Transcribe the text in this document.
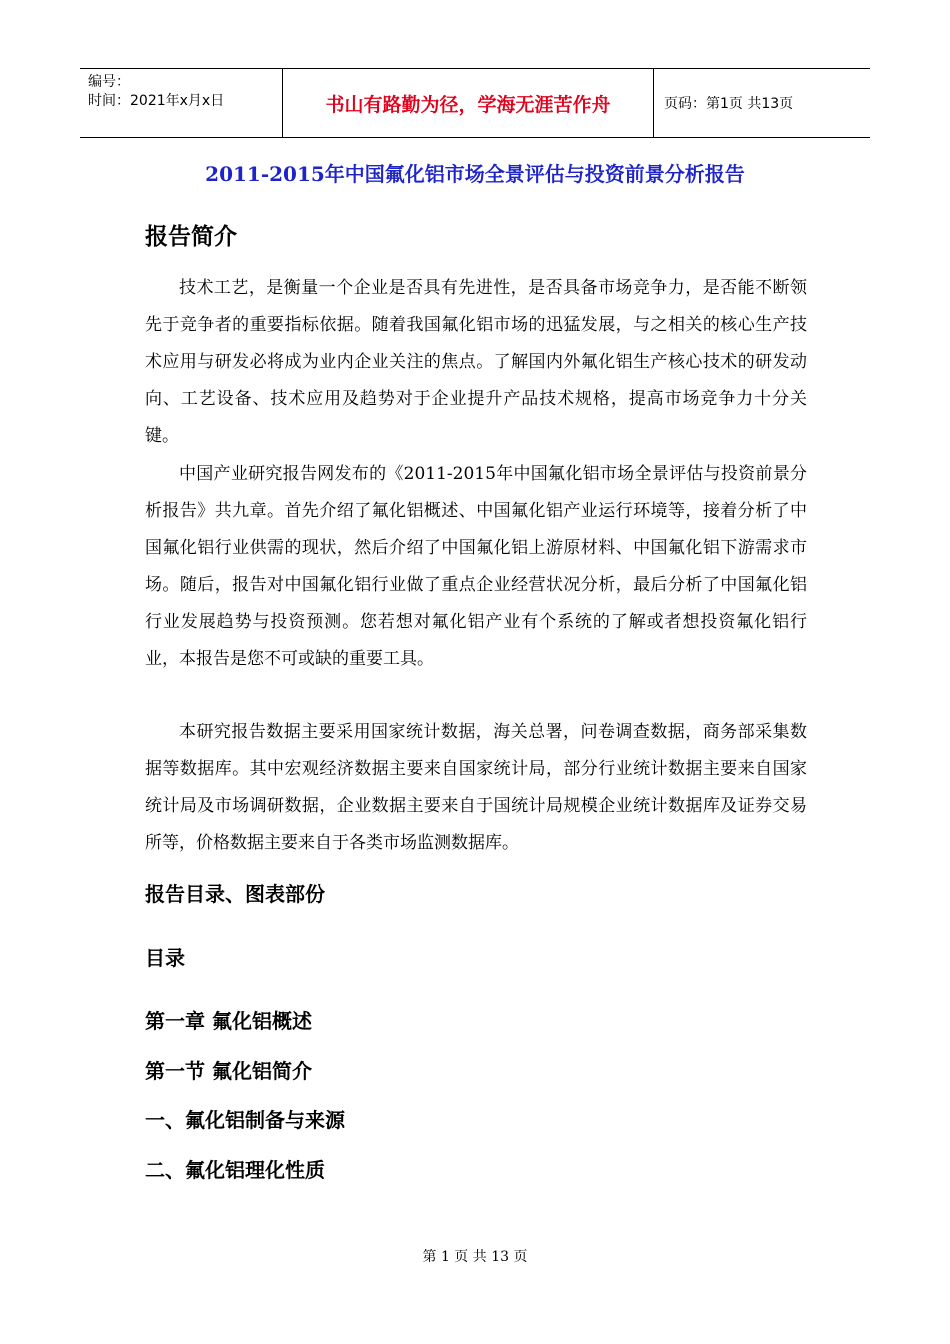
编号：
时间：2021年x月x日	书山有路勤为径，学海无涯苦作舟	页码：第1页 共13页
2011-2015年中国氟化铝市场全景评估与投资前景分析报告
报告简介

技术工艺，是衡量一个企业是否具有先进性，是否具备市场竞争力，是否能不断领先于竞争者的重要指标依据。随着我国氟化铝市场的迅猛发展，与之相关的核心生产技术应用与研发必将成为业内企业关注的焦点。了解国内外氟化铝生产核心技术的研发动向、工艺设备、技术应用及趋势对于企业提升产品技术规格，提高市场竞争力十分关键。

中国产业研究报告网发布的《2011-2015年中国氟化铝市场全景评估与投资前景分析报告》共九章。首先介绍了氟化铝概述、中国氟化铝产业运行环境等，接着分析了中国氟化铝行业供需的现状，然后介绍了中国氟化铝上游原材料、中国氟化铝下游需求市场。随后，报告对中国氟化铝行业做了重点企业经营状况分析，最后分析了中国氟化铝行业发展趋势与投资预测。您若想对氟化铝产业有个系统的了解或者想投资氟化铝行业，本报告是您不可或缺的重要工具。

本研究报告数据主要采用国家统计数据，海关总署，问卷调查数据，商务部采集数据等数据库。其中宏观经济数据主要来自国家统计局，部分行业统计数据主要来自国家统计局及市场调研数据，企业数据主要来自于国统计局规模企业统计数据库及证券交易所等，价格数据主要来自于各类市场监测数据库。

报告目录、图表部份
目录
第一章 氟化铝概述
第一节 氟化铝简介
一、氟化铝制备与来源
二、氟化铝理化性质
第 1 页 共 13 页
